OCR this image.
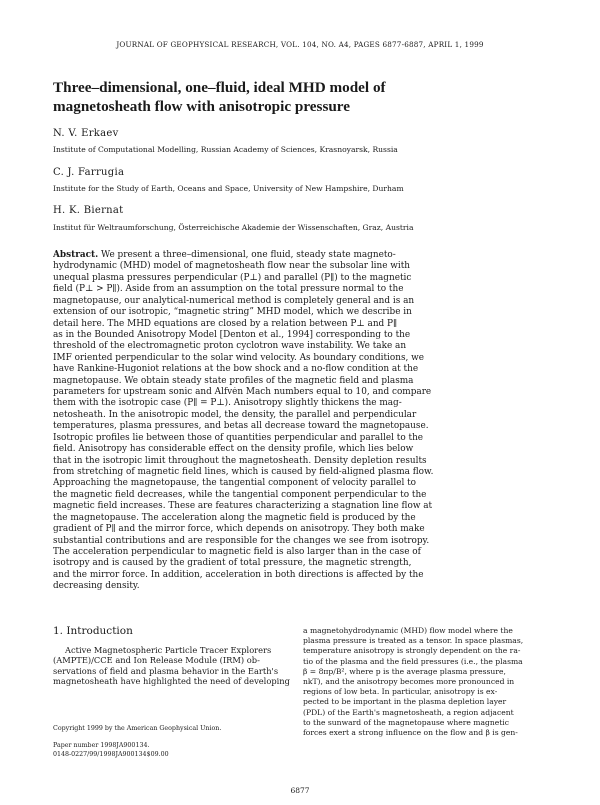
JOURNAL OF GEOPHYSICAL RESEARCH, VOL. 104, NO. A4, PAGES 6877-6887, APRIL 1, 1999
Three–dimensional, one–fluid, ideal MHD model of
magnetosheath flow with anisotropic pressure
N. V. Erkaev
Institute of Computational Modelling, Russian Academy of Sciences, Krasnoyarsk, Russia
C. J. Farrugia
Institute for the Study of Earth, Oceans and Space, University of New Hampshire, Durham
H. K. Biernat
Institut für Weltraumforschung, Österreichische Akademie der Wissenschaften, Graz, Austria
Abstract. We present a three–dimensional, one fluid, steady state magneto-
hydrodynamic (MHD) model of magnetosheath flow near the subsolar line with
unequal plasma pressures perpendicular (P⊥) and parallel (P∥) to the magnetic
field (P⊥ > P∥). Aside from an assumption on the total pressure normal to the
magnetopause, our analytical-numerical method is completely general and is an
extension of our isotropic, “magnetic string” MHD model, which we describe in
detail here. The MHD equations are closed by a relation between P⊥ and P∥
as in the Bounded Anisotropy Model [Denton et al., 1994] corresponding to the
threshold of the electromagnetic proton cyclotron wave instability. We take an
IMF oriented perpendicular to the solar wind velocity. As boundary conditions, we
have Rankine-Hugoniot relations at the bow shock and a no-flow condition at the
magnetopause. We obtain steady state profiles of the magnetic field and plasma
parameters for upstream sonic and Alfvén Mach numbers equal to 10, and compare
them with the isotropic case (P∥ = P⊥). Anisotropy slightly thickens the mag-
netosheath. In the anisotropic model, the density, the parallel and perpendicular
temperatures, plasma pressures, and betas all decrease toward the magnetopause.
Isotropic profiles lie between those of quantities perpendicular and parallel to the
field. Anisotropy has considerable effect on the density profile, which lies below
that in the isotropic limit throughout the magnetosheath. Density depletion results
from stretching of magnetic field lines, which is caused by field-aligned plasma flow.
Approaching the magnetopause, the tangential component of velocity parallel to
the magnetic field decreases, while the tangential component perpendicular to the
magnetic field increases. These are features characterizing a stagnation line flow at
the magnetopause. The acceleration along the magnetic field is produced by the
gradient of P∥ and the mirror force, which depends on anisotropy. They both make
substantial contributions and are responsible for the changes we see from isotropy.
The acceleration perpendicular to magnetic field is also larger than in the case of
isotropy and is caused by the gradient of total pressure, the magnetic strength,
and the mirror force. In addition, acceleration in both directions is affected by the
decreasing density.
1. Introduction
Active Magnetospheric Particle Tracer Explorers
(AMPTE)/CCE and Ion Release Module (IRM) ob-
servations of field and plasma behavior in the Earth's
magnetosheath have highlighted the need of developing
a magnetohydrodynamic (MHD) flow model where the
plasma pressure is treated as a tensor. In space plasmas,
temperature anisotropy is strongly dependent on the ra-
tio of the plasma and the field pressures (i.e., the plasma
β = 8πp/B², where p is the average plasma pressure,
nkT), and the anisotropy becomes more pronounced in
regions of low beta. In particular, anisotropy is ex-
pected to be important in the plasma depletion layer
(PDL) of the Earth's magnetosheath, a region adjacent
to the sunward of the magnetopause where magnetic
forces exert a strong influence on the flow and β is gen-
Copyright 1999 by the American Geophysical Union.
Paper number 1998JA900134.
0148-0227/99/1998JA900134$09.00
6877
